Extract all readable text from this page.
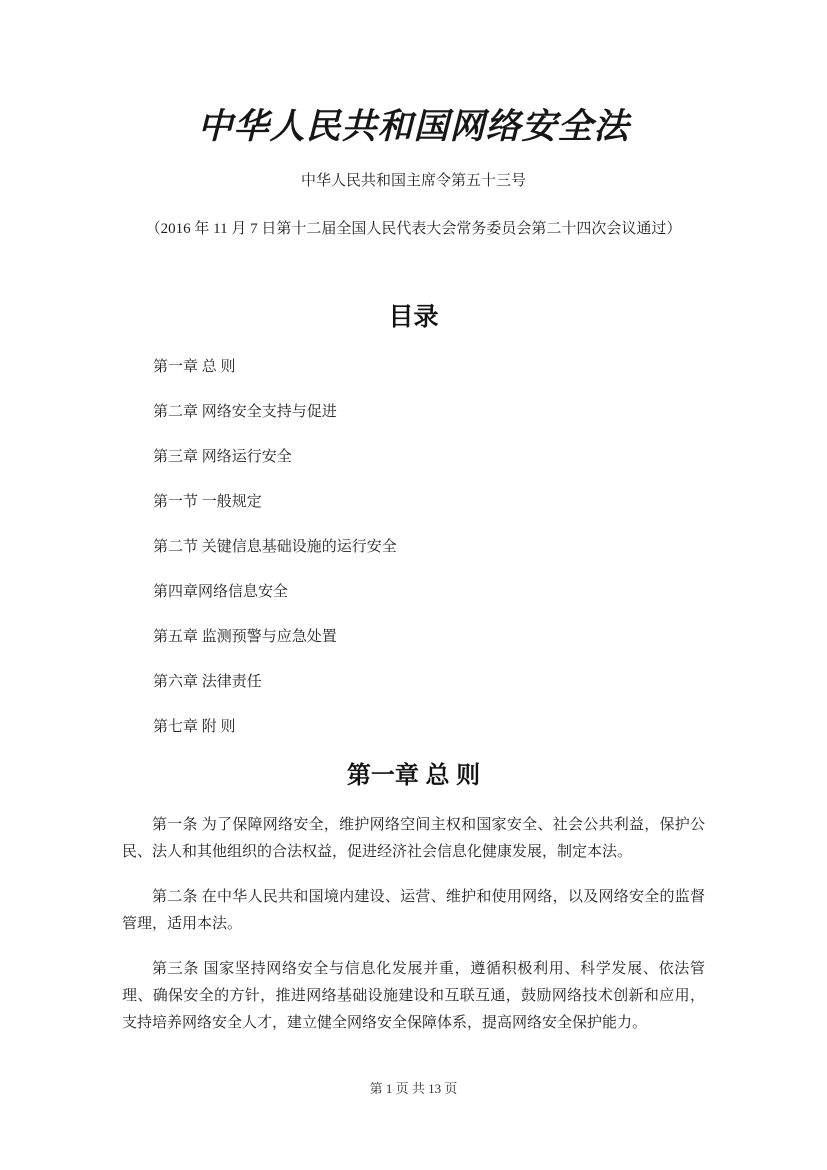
中华人民共和国网络安全法

中华人民共和国主席令第五十三号

（2016 年 11 月 7 日第十二届全国人民代表大会常务委员会第二十四次会议通过）

目录
第一章 总 则
第二章 网络安全支持与促进
第三章 网络运行安全
第一节 一般规定
第二节 关键信息基础设施的运行安全
第四章网络信息安全
第五章 监测预警与应急处置
第六章 法律责任
第七章 附 则
第一章 总 则

第一条 为了保障网络安全，维护网络空间主权和国家安全、社会公共利益，保护公民、法人和其他组织的合法权益，促进经济社会信息化健康发展，制定本法。

第二条 在中华人民共和国境内建设、运营、维护和使用网络，以及网络安全的监督管理，适用本法。

第三条 国家坚持网络安全与信息化发展并重，遵循积极利用、科学发展、依法管理、确保安全的方针，推进网络基础设施建设和互联互通，鼓励网络技术创新和应用，支持培养网络安全人才，建立健全网络安全保障体系，提高网络安全保护能力。

第 1 页 共 13 页
